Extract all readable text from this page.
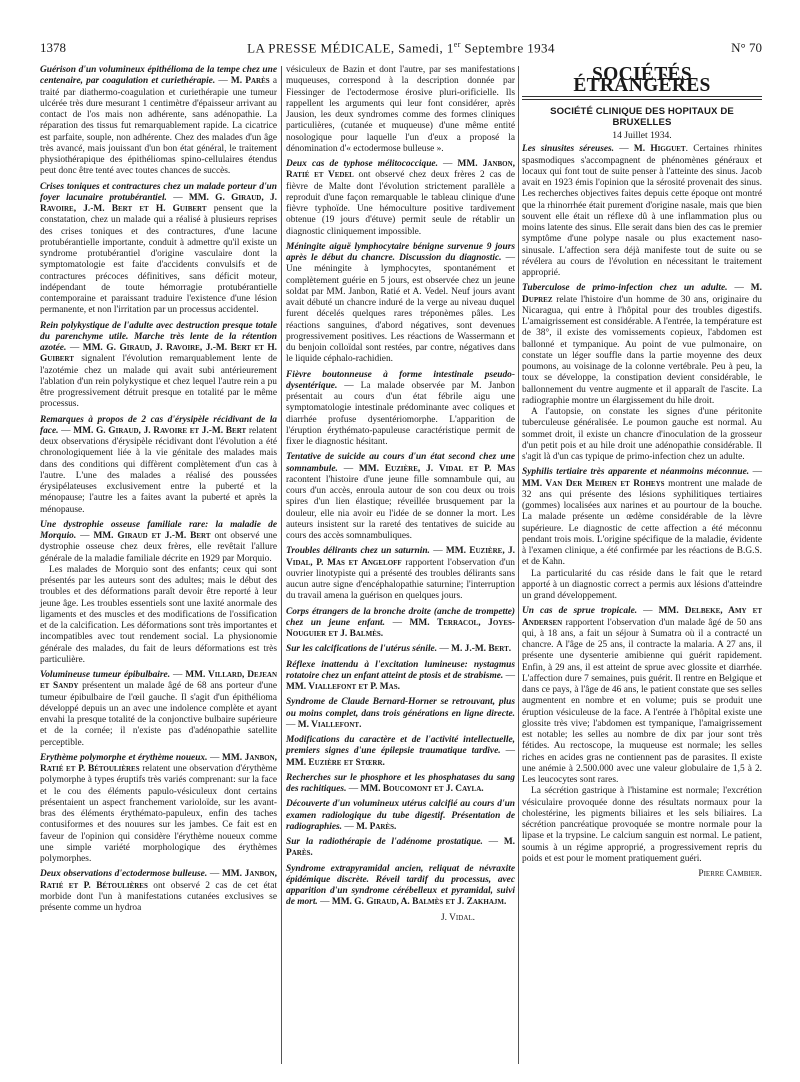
1378	LA PRESSE MÉDICALE, Samedi, 1er Septembre 1934	N° 70

Guérison d'un volumineux épithélioma de la tempe chez une centenaire, par coagulation et curiethérapie. — M. Parès a traité par diathermo-coagulation et curiethérapie une tumeur ulcérée très dure mesurant 1 centimètre d'épaisseur arrivant au contact de l'os mais non adhérente, sans adénopathie. La réparation des tissus fut remarquablement rapide. La cicatrice est parfaite, souple, non adhérente. Chez des malades d'un âge très avancé, mais jouissant d'un bon état général, le traitement physiothérapique des épithéliomas spino-cellulaires étendus peut donc être tenté avec toutes chances de succès.

Crises toniques et contractures chez un malade porteur d'un foyer lacunaire protubérantiel. — MM. G. Giraud, J. Ravoire, J.-M. Bert et H. Guibert pensent que la constatation, chez un malade qui a réalisé à plusieurs reprises des crises toniques et des contractures, d'une lacune protubérantielle importante, conduit à admettre qu'il existe un syndrome protubérantiel d'origine vasculaire dont la symptomatologie est faite d'accidents convulsifs et de contractures précoces définitives, sans déficit moteur, indépendant de toute hémorragie protubérantielle contemporaine et paraissant traduire l'existence d'une lésion permanente, et non l'irritation par un processus accidentel.

Rein polykystique de l'adulte avec destruction presque totale du parenchyme utile. Marche très lente de la rétention azotée. — MM. G. Giraud, J. Ravoire, J.-M. Bert et H. Guibert signalent l'évolution remarquablement lente de l'azotémie chez un malade qui avait subi antérieurement l'ablation d'un rein polykystique et chez lequel l'autre rein a pu être progressivement détruit presque en totalité par le même processus.

Remarques à propos de 2 cas d'érysipèle récidivant de la face. — MM. G. Giraud, J. Ravoire et J.-M. Bert relatent deux observations d'érysipèle récidivant dont l'évolution a été chronologiquement liée à la vie génitale des malades mais dans des conditions qui diffèrent complètement d'un cas à l'autre. L'une des malades a réalisé des poussées érysipélateuses exclusivement entre la puberté et la ménopause; l'autre les a faites avant la puberté et après la ménopause.

Une dystrophie osseuse familiale rare: la maladie de Morquio. — MM. Giraud et J.-M. Bert ont observé une dystrophie osseuse chez deux frères, elle revêtait l'allure générale de la maladie familiale décrite en 1929 par Morquio.

Les malades de Morquio sont des enfants; ceux qui sont présentés par les auteurs sont des adultes; mais le début des troubles et des déformations paraît devoir être reporté à leur jeune âge. Les troubles essentiels sont une laxité anormale des ligaments et des muscles et des modifications de l'ossification et de la calcification. Les déformations sont très importantes et incompatibles avec tout rendement social. La physionomie générale des malades, du fait de leurs déformations est très particulière.

Volumineuse tumeur épibulbaire. — MM. Villard, Dejean et Sandy présentent un malade âgé de 68 ans porteur d'une tumeur épibulbaire de l'œil gauche. Il s'agit d'un épithélioma développé depuis un an avec une indolence complète et ayant envahi la presque totalité de la conjonctive bulbaire supérieure et de la cornée; il n'existe pas d'adénopathie satellite perceptible.

Erythème polymorphe et érythème noueux. — MM. Janbon, Ratié et P. Bétoulières relatent une observation d'érythème polymorphe à types éruptifs très variés comprenant: sur la face et le cou des éléments papulo-vésiculeux dont certains présentaient un aspect franchement varioloïde, sur les avant-bras des éléments érythémato-papuleux, enfin des taches contusiformes et des nouures sur les jambes. Ce fait est en faveur de l'opinion qui considère l'érythème noueux comme une simple variété morphologique des érythèmes polymorphes.

Deux observations d'ectodermose bulleuse. — MM. Janbon, Ratié et P. Bétoulières ont observé 2 cas de cet état morbide dont l'un à manifestations cutanées exclusives se présente comme un hydroa

vésiculeux de Bazin et dont l'autre, par ses manifestations muqueuses, correspond à la description donnée par Fiessinger de l'ectodermose érosive pluri-orificielle. Ils rappellent les arguments qui leur font considérer, après Jausion, les deux syndromes comme des formes cliniques particulières, (cutanée et muqueuse) d'une même entité nosologique pour laquelle l'un d'eux a proposé la dénomination d'« ectodermose bulleuse ».

Deux cas de typhose mélitococcique. — MM. Janbon, Ratié et Vedel ont observé chez deux frères 2 cas de fièvre de Malte dont l'évolution strictement parallèle a reproduit d'une façon remarquable le tableau clinique d'une fièvre typhoïde. Une hémoculture positive tardivement obtenue (19 jours d'étuve) permit seule de rétablir un diagnostic cliniquement impossible.

Méningite aiguë lymphocytaire bénigne survenue 9 jours après le début du chancre. Discussion du diagnostic. — Une méningite à lymphocytes, spontanément et complètement guérie en 5 jours, est observée chez un jeune soldat par MM. Janbon, Ratié et A. Vedel. Neuf jours avant avait débuté un chancre induré de la verge au niveau duquel furent décelés quelques rares tréponèmes pâles. Les réactions sanguines, d'abord négatives, sont devenues progressivement positives. Les réactions de Wassermann et du benjoin colloïdal sont restées, par contre, négatives dans le liquide céphalo-rachidien.

Fièvre boutonneuse à forme intestinale pseudo-dysentérique. — La malade observée par M. Janbon présentait au cours d'un état fébrile aigu une symptomatologie intestinale prédominante avec coliques et diarrhée profuse dysentériomorphe. L'apparition de l'éruption érythémato-papuleuse caractéristique permit de fixer le diagnostic hésitant.

Tentative de suicide au cours d'un état second chez une somnambule. — MM. Euzière, J. Vidal et P. Mas racontent l'histoire d'une jeune fille somnambule qui, au cours d'un accès, enroula autour de son cou deux ou trois spires d'un lien élastique; réveillée brusquement par la douleur, elle nia avoir eu l'idée de se donner la mort. Les auteurs insistent sur la rareté des tentatives de suicide au cours des accès somnambuliques.

Troubles délirants chez un saturnin. — MM. Euzière, J. Vidal, P. Mas et Angeloff rapportent l'observation d'un ouvrier linotypiste qui a présenté des troubles délirants sans aucun autre signe d'encéphalopathie saturnine; l'interruption du travail amena la guérison en quelques jours.

Corps étrangers de la bronche droite (anche de trompette) chez un jeune enfant. — MM. Terracol, Joyes-Nouguier et J. Balmès.

Sur les calcifications de l'utérus sénile. — M. J.-M. Bert.

Réflexe inattendu à l'excitation lumineuse: nystagmus rotatoire chez un enfant atteint de ptosis et de strabisme. — MM. Viallefont et P. Mas.

Syndrome de Claude Bernard-Horner se retrouvant, plus ou moins complet, dans trois générations en ligne directe. — M. Viallefont.

Modifications du caractère et de l'activité intellectuelle, premiers signes d'une épilepsie traumatique tardive. — MM. Euzière et Stœrr.

Recherches sur le phosphore et les phosphatases du sang des rachitiques. — MM. Boucomont et J. Cayla.

Découverte d'un volumineux utérus calcifié au cours d'un examen radiologique du tube digestif. Présentation de radiographies. — M. Parès.

Sur la radiothérapie de l'adénome prostatique. — M. Parès.

Syndrome extrapyramidal ancien, reliquat de névraxite épidémique discrète. Réveil tardif du processus, avec apparition d'un syndrome cérébelleux et pyramidal, suivi de mort. — MM. G. Giraud, A. Balmès et J. Zakhajm.

J. Vidal.
SOCIÉTÉS ÉTRANGÈRES
SOCIÉTÉ CLINIQUE DES HOPITAUX DE BRUXELLES
14 Juillet 1934.

Les sinusites séreuses. — M. Higguet. Certaines rhinites spasmodiques s'accompagnent de phénomènes généraux et locaux qui font tout de suite penser à l'atteinte des sinus. Jacob avait en 1923 émis l'opinion que la sérosité provenait des sinus. Les recherches objectives faites depuis cette époque ont montré que la rhinorrhée était purement d'origine nasale, mais que bien souvent elle était un réflexe dû à une inflammation plus ou moins latente des sinus. Elle serait dans bien des cas le premier symptôme d'une polype nasale ou plus exactement naso-sinusale. L'affection sera déjà manifeste tout de suite ou se révélera au cours de l'évolution en nécessitant le traitement approprié.

Tuberculose de primo-infection chez un adulte. — M. Duprez relate l'histoire d'un homme de 30 ans, originaire du Nicaragua, qui entre à l'hôpital pour des troubles digestifs. L'amaigrissement est considérable. A l'entrée, la température est de 38°, il existe des vomissements copieux, l'abdomen est ballonné et tympanique. Au point de vue pulmonaire, on constate un léger souffle dans la partie moyenne des deux poumons, au voisinage de la colonne vertébrale. Peu à peu, la toux se développe, la constipation devient considérable, le ballonnement du ventre augmente et il apparaît de l'ascite. La radiographie montre un élargissement du hile droit.

A l'autopsie, on constate les signes d'une péritonite tuberculeuse généralisée. Le poumon gauche est normal. Au sommet droit, il existe un chancre d'inoculation de la grosseur d'un petit pois et au hile droit une adénopathie considérable. Il s'agit là d'un cas typique de primo-infection chez un adulte.

Syphilis tertiaire très apparente et néanmoins méconnue. — MM. Van Der Meiren et Roheys montrent une malade de 32 ans qui présente des lésions syphilitiques tertiaires (gommes) localisées aux narines et au pourtour de la bouche. La malade présente un œdème considérable de la lèvre supérieure. Le diagnostic de cette affection a été méconnu pendant trois mois. L'origine spécifique de la maladie, évidente à l'examen clinique, a été confirmée par les réactions de B.G.S. et de Kahn.

La particularité du cas réside dans le fait que le retard apporté à un diagnostic correct a permis aux lésions d'atteindre un grand développement.

Un cas de sprue tropicale. — MM. Delbeke, Amy et Andersen rapportent l'observation d'un malade âgé de 50 ans qui, à 18 ans, a fait un séjour à Sumatra où il a contracté un chancre. A l'âge de 25 ans, il contracte la malaria. A 27 ans, il présente une dysenterie amibienne qui guérit rapidement. Enfin, à 29 ans, il est atteint de sprue avec glossite et diarrhée. L'affection dure 7 semaines, puis guérit. Il rentre en Belgique et dans ce pays, à l'âge de 46 ans, le patient constate que ses selles augmentent en nombre et en volume; puis se produit une éruption vésiculeuse de la face. A l'entrée à l'hôpital existe une glossite très vive; l'abdomen est tympanique, l'amaigrissement est notable; les selles au nombre de dix par jour sont très fétides. Au rectoscope, la muqueuse est normale; les selles riches en acides gras ne contiennent pas de parasites. Il existe une anémie à 2.500.000 avec une valeur globulaire de 1,5 à 2. Les leucocytes sont rares.

La sécrétion gastrique à l'histamine est normale; l'excrétion vésiculaire provoquée donne des résultats normaux pour la cholestérine, les pigments biliaires et les sels biliaires. La sécrétion pancréatique provoquée se montre normale pour la lipase et la trypsine. Le calcium sanguin est normal. Le patient, soumis à un régime approprié, a progressivement repris du poids et est pour le moment pratiquement guéri.

Pierre Cambier.
